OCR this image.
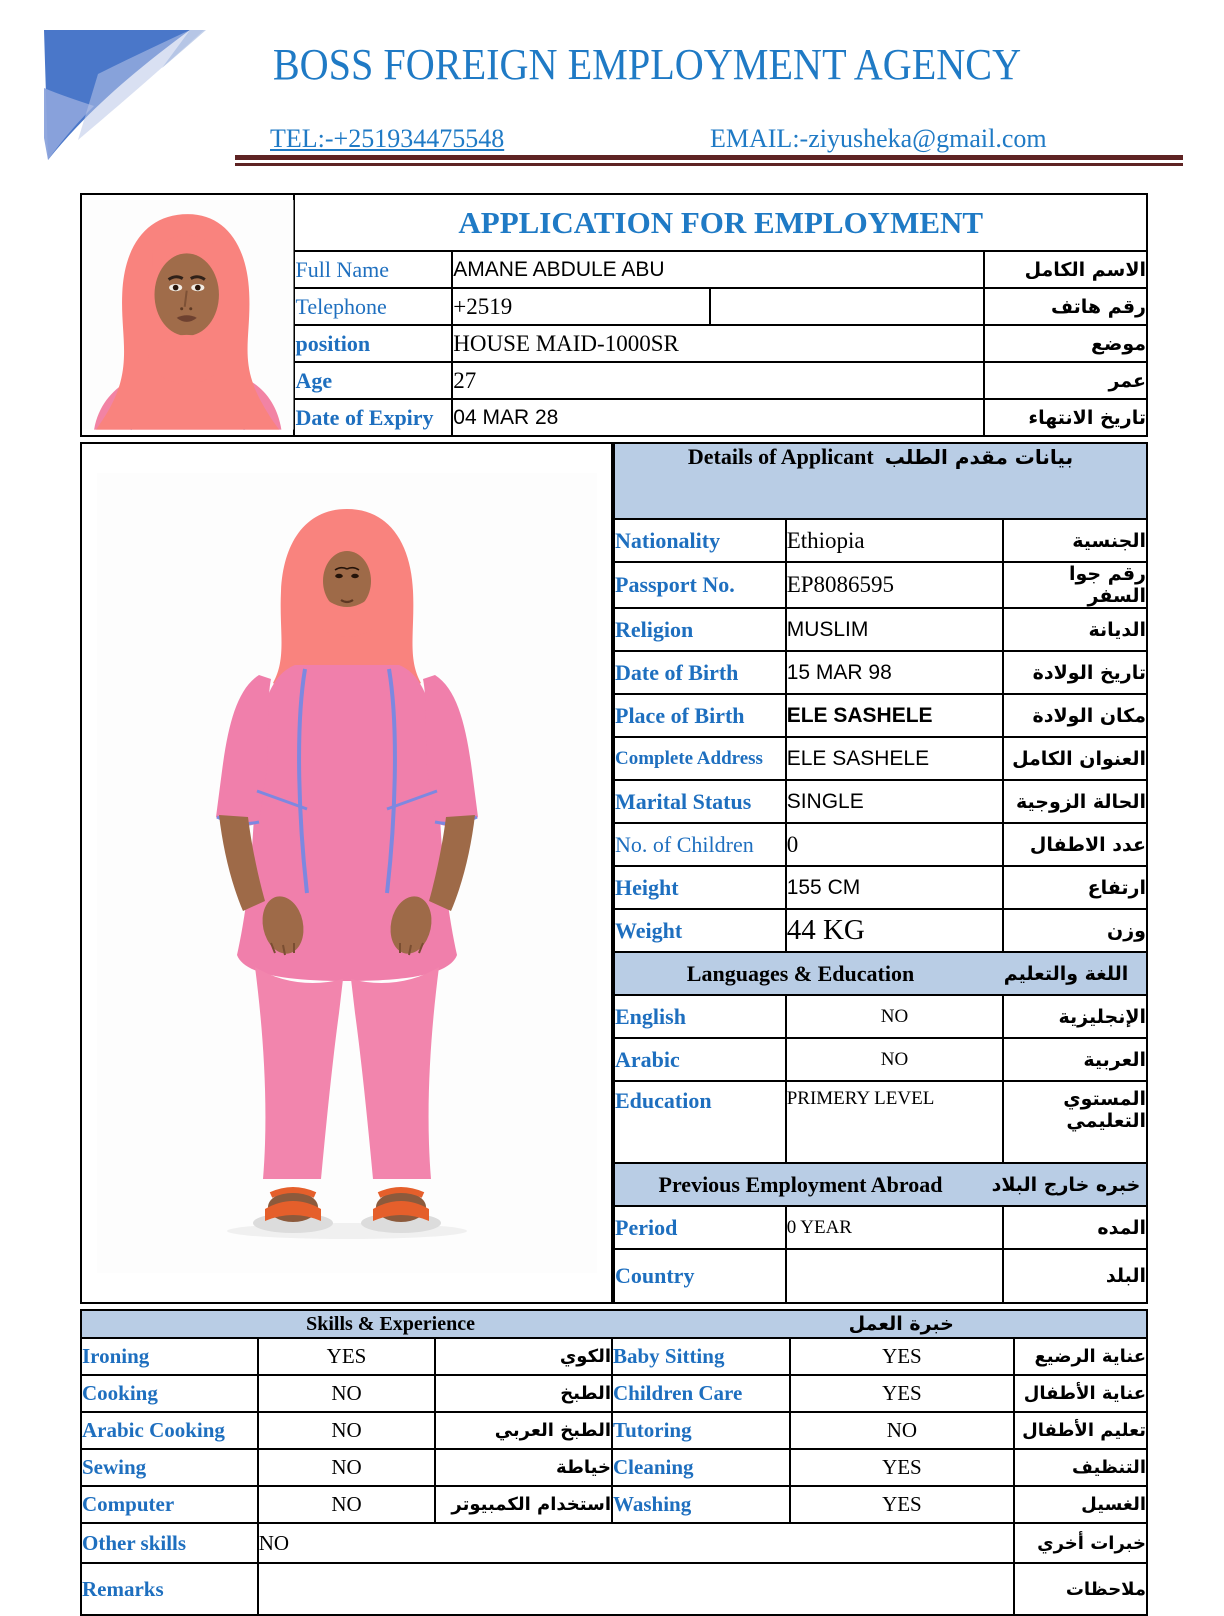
BOSS FOREIGN EMPLOYMENT AGENCY
TEL:-+251934475548	EMAIL:-ziyusheka@gmail.com
	APPLICATION FOR EMPLOYMENT			
	Full Name	AMANE ABDULE ABU		الاسم الكامل
	Telephone	+2519		رقم هاتف
	position	HOUSE MAID-1000SR		موضع
	Age	27		عمر
	Date of Expiry	04 MAR 28		تاريخ الانتهاء
Details of Applicant بيانات مقدم الطلب		
Nationality	Ethiopia	الجنسية
Passport No.	EP8086595	رقم جوا السفر
Religion	MUSLIM	الديانة
Date of Birth	15 MAR 98	تاريخ الولادة
Place of Birth	ELE SASHELE	مكان الولادة
Complete Address	ELE SASHELE	العنوان الكامل
Marital Status	SINGLE	الحالة الزوجية
No. of Children	0	عدد الاطفال
Height	155 CM	ارتفاع
Weight	44 KG	وزن

Languages & Education اللغة والتعليم		

English	NO	الإنجليزية
Arabic	NO	العربية
Education	PRIMERY LEVEL	المستوي التعليمي

Previous Employment Abroad خبره خارج البلاد		

Period	0 YEAR	المده
Country		البلد
Skills & Experience خبرة العمل					
Ironing	YES	الكوي	Baby Sitting	YES	عناية الرضيع
Cooking	NO	الطبخ	Children Care	YES	عناية الأطفال
Arabic Cooking	NO	الطبخ العربي	Tutoring	NO	تعليم الأطفال
Sewing	NO	خياطة	Cleaning	YES	التنظيف
Computer	NO	استخدام الكمبيوتر	Washing	YES	الغسيل
Other skills	NO				خبرات أخري
Remarks					ملاحظات
